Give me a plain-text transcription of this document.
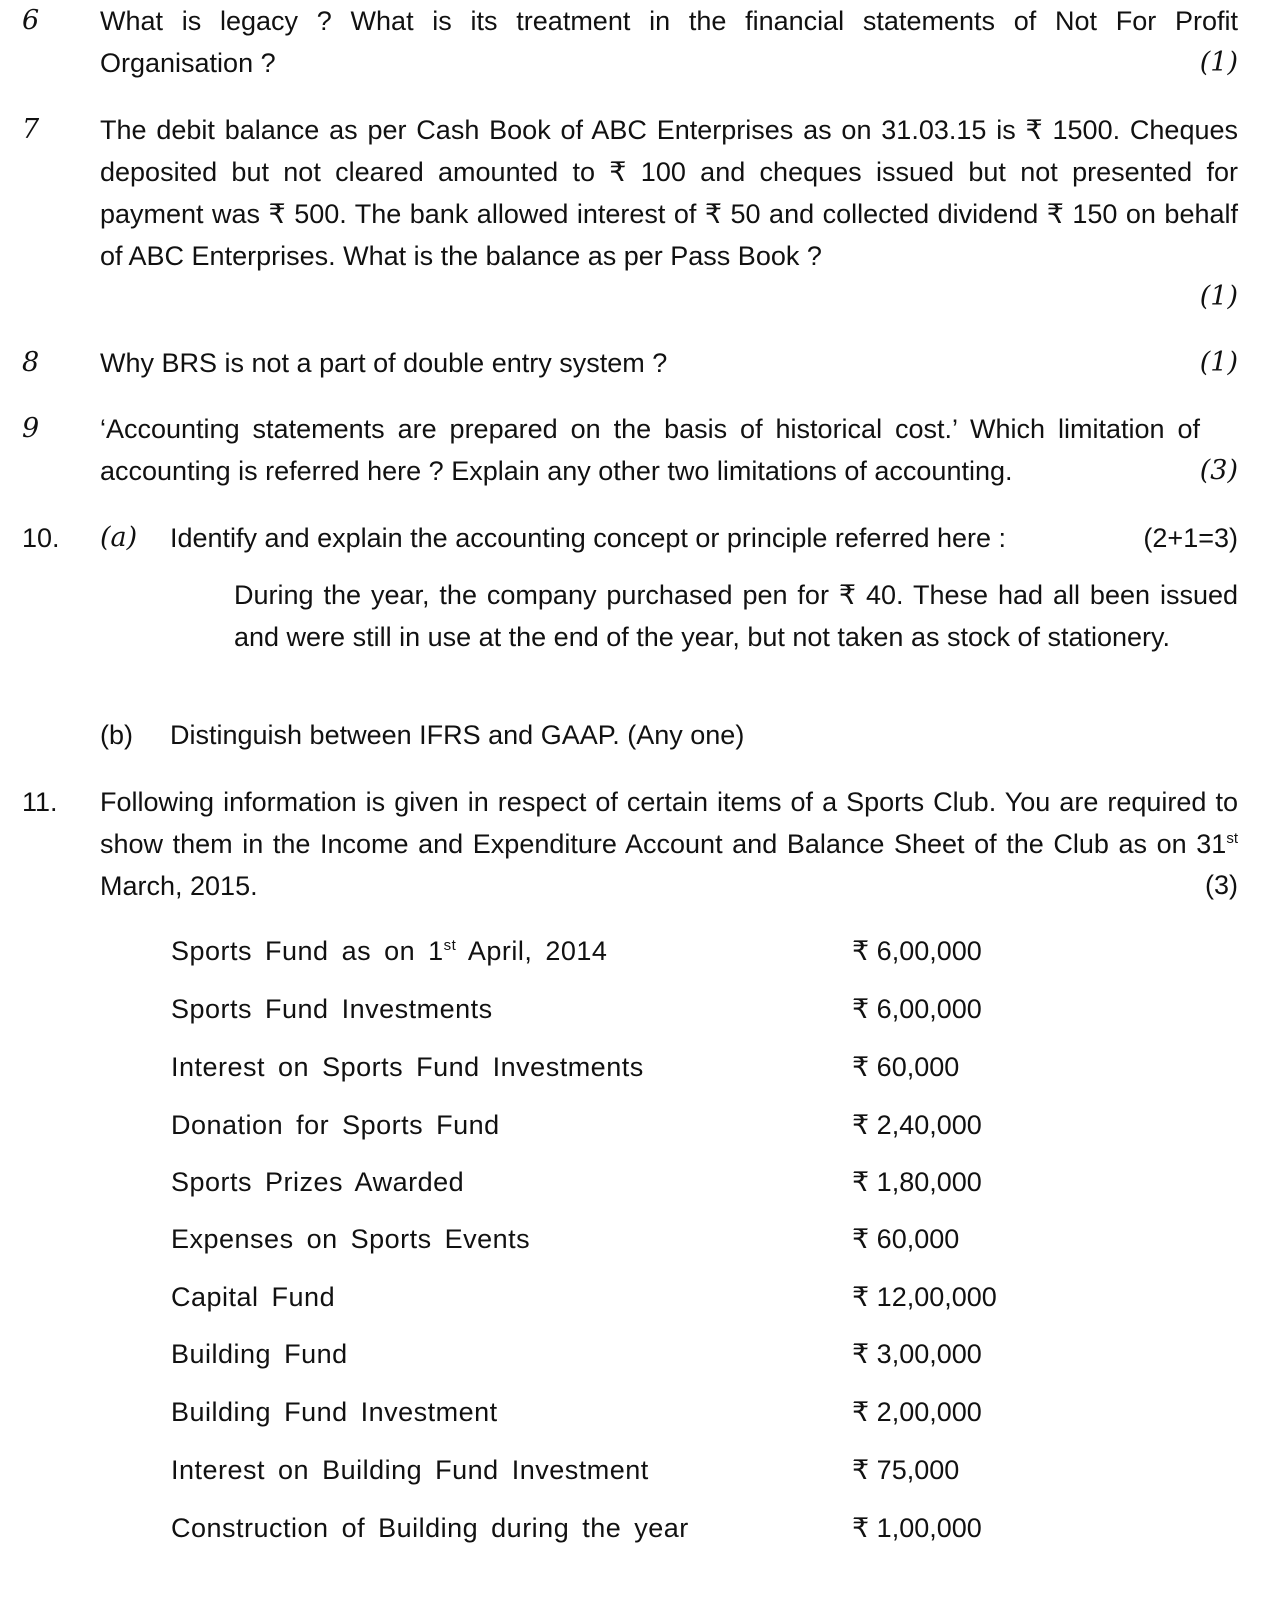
6 What is legacy ? What is its treatment in the financial statements of Not For Profit
Organisation ?	(1)
7 The debit balance as per Cash Book of ABC Enterprises as on 31.03.15 is ₹ 1500. Cheques deposited but not cleared amounted to ₹ 100 and cheques issued but not presented for payment was ₹ 500. The bank allowed interest of ₹ 50 and collected dividend ₹ 150 on behalf of ABC Enterprises. What is the balance as per Pass Book ?
(1)
8 Why BRS is not a part of double entry system ?	(1)
9 ‘Accounting statements are prepared on the basis of historical cost.’ Which limitation of accounting is referred here ? Explain any other two limitations of accounting.	(3)
10. (a) Identify and explain the accounting concept or principle referred here :	(2+1=3)
During the year, the company purchased pen for ₹ 40. These had all been issued and were still in use at the end of the year, but not taken as stock of stationery.
(b) Distinguish between IFRS and GAAP. (Any one)
11. Following information is given in respect of certain items of a Sports Club. You are required to show them in the Income and Expenditure Account and Balance Sheet of the Club as on 31st March, 2015.	(3)
Sports Fund as on 1st April, 2014	₹ 6,00,000
Sports Fund Investments	₹ 6,00,000
Interest on Sports Fund Investments	₹ 60,000
Donation for Sports Fund	₹ 2,40,000
Sports Prizes Awarded	₹ 1,80,000
Expenses on Sports Events	₹ 60,000
Capital Fund	₹ 12,00,000
Building Fund	₹ 3,00,000
Building Fund Investment	₹ 2,00,000
Interest on Building Fund Investment	₹ 75,000
Construction of Building during the year	₹ 1,00,000
